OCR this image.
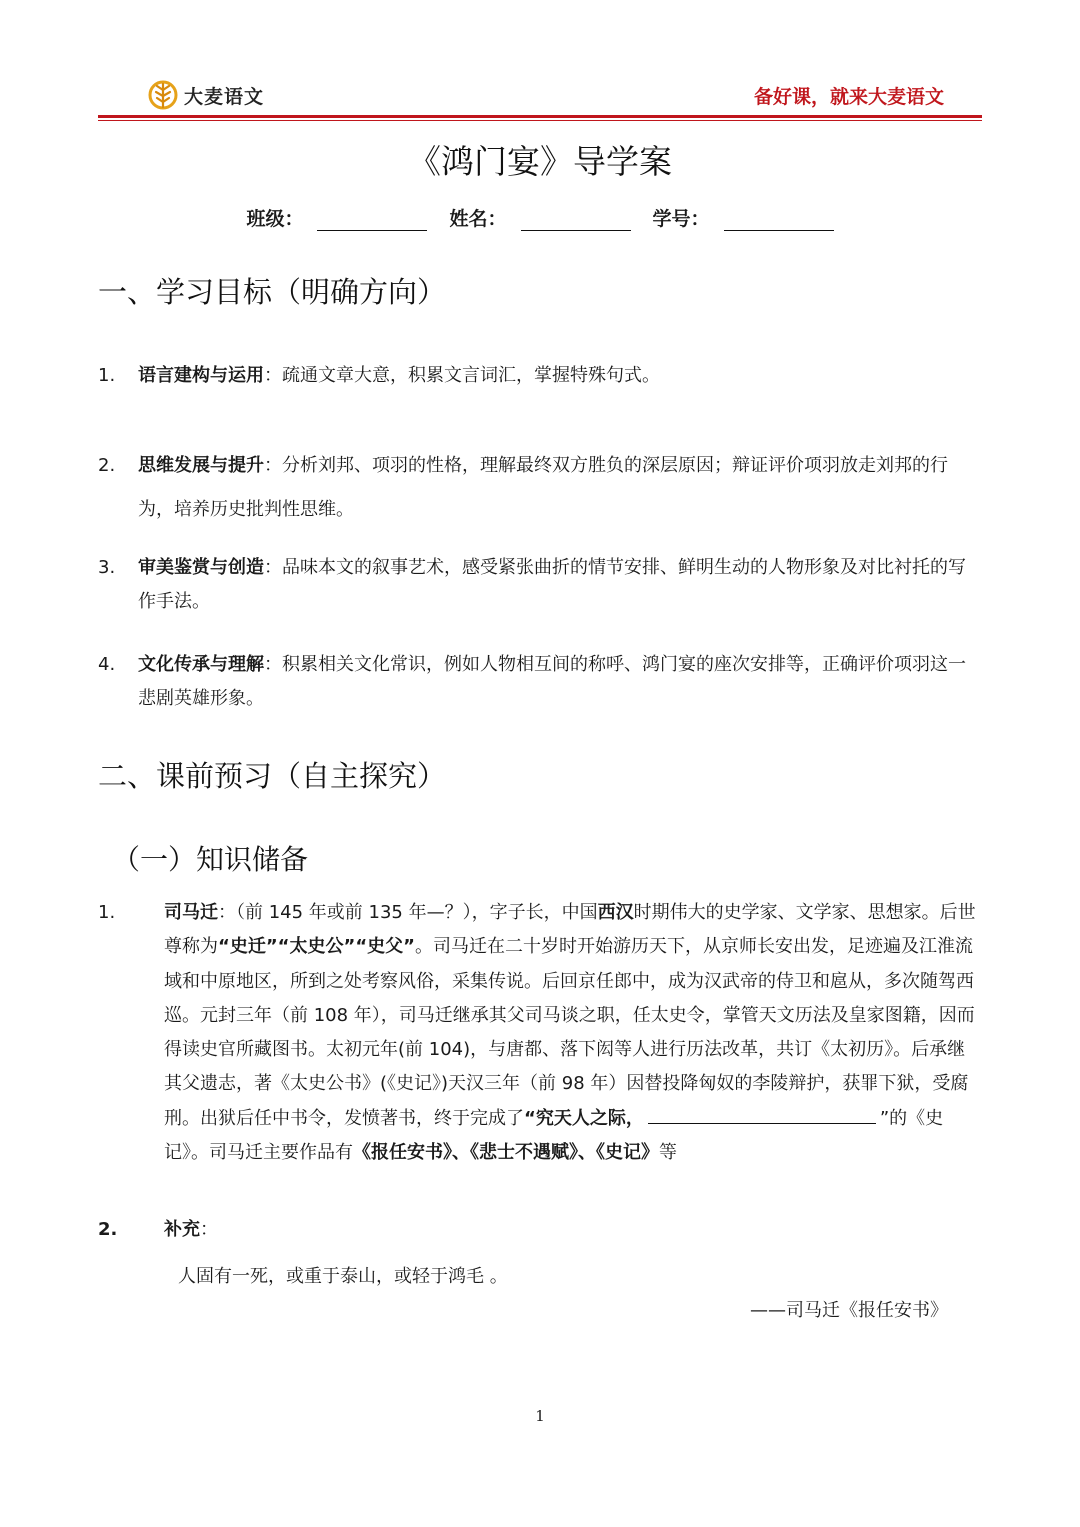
大麦语文	备好课，就来大麦语文
《鸿门宴》导学案
班级：	姓名：	学号：
一、学习目标（明确方向）
1. 语言建构与运用：疏通文章大意，积累文言词汇，掌握特殊句式。
2. 思维发展与提升：分析刘邦、项羽的性格，理解最终双方胜负的深层原因；辩证评价项羽放走刘邦的行为，培养历史批判性思维。
3. 审美鉴赏与创造：品味本文的叙事艺术，感受紧张曲折的情节安排、鲜明生动的人物形象及对比衬托的写作手法。
4. 文化传承与理解：积累相关文化常识，例如人物相互间的称呼、鸿门宴的座次安排等，正确评价项羽这一悲剧英雄形象。
二、课前预习（自主探究）
（一）知识储备
1.	司马迁：（前 145 年或前 135 年—？），字子长，中国西汉时期伟大的史学家、文学家、思想家。后世尊称为“史迁”“太史公”“史父”。司马迁在二十岁时开始游历天下，从京师长安出发，足迹遍及江淮流域和中原地区，所到之处考察风俗，采集传说。后回京任郎中，成为汉武帝的侍卫和扈从，多次随驾西巡。元封三年（前 108 年），司马迁继承其父司马谈之职，任太史令，掌管天文历法及皇家图籍，因而得读史官所藏图书。太初元年(前 104)，与唐都、落下闳等人进行历法改革，共订《太初历》。后承继其父遗志，著《太史公书》(《史记》)天汉三年（前 98 年）因替投降匈奴的李陵辩护，获罪下狱，受腐刑。出狱后任中书令，发愤著书，终于完成了“究天人之际，	”的《史记》。司马迁主要作品有《报任安书》、《悲士不遇赋》、《史记》等
2.	补充：
人固有一死，或重于泰山，或轻于鸿毛 。
——司马迁《报任安书》
1
